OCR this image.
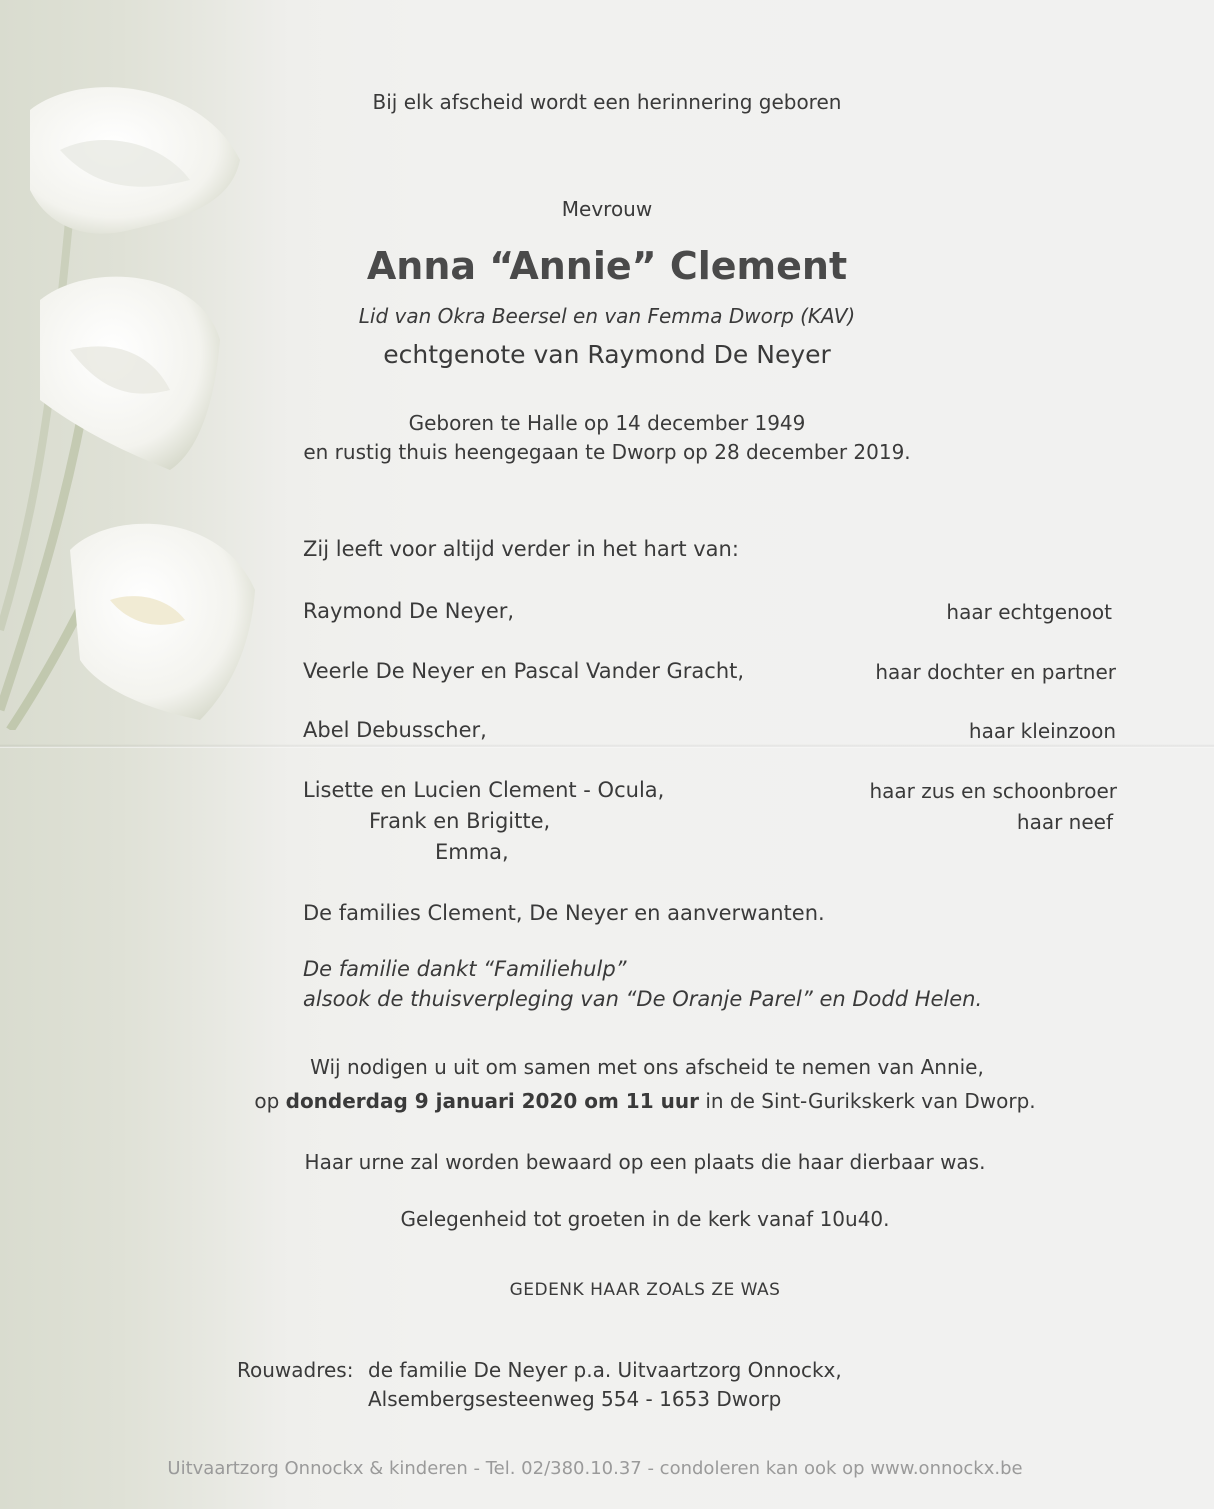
Bij elk afscheid wordt een herinnering geboren
Mevrouw
Anna “Annie” Clement
Lid van Okra Beersel en van Femma Dworp (KAV)
echtgenote van Raymond De Neyer
Geboren te Halle op 14 december 1949
en rustig thuis heengegaan te Dworp op 28 december 2019.
Zij leeft voor altijd verder in het hart van:
Raymond De Neyer,	haar echtgenoot
Veerle De Neyer en Pascal Vander Gracht,	haar dochter en partner
Abel Debusscher,	haar kleinzoon
Lisette en Lucien Clement - Ocula,	haar zus en schoonbroer
Frank en Brigitte,	haar neef
Emma,
De families Clement, De Neyer en aanverwanten.
De familie dankt “Familiehulp”
alsook de thuisverpleging van “De Oranje Parel” en Dodd Helen.
Wij nodigen u uit om samen met ons afscheid te nemen van Annie,
op donderdag 9 januari 2020 om 11 uur in de Sint-Gurikskerk van Dworp.
Haar urne zal worden bewaard op een plaats die haar dierbaar was.
Gelegenheid tot groeten in de kerk vanaf 10u40.
GEDENK HAAR ZOALS ZE WAS
Rouwadres: de familie De Neyer p.a. Uitvaartzorg Onnockx,
Alsembergsesteenweg 554 - 1653 Dworp
Uitvaartzorg Onnockx & kinderen - Tel. 02/380.10.37 - condoleren kan ook op www.onnockx.be
